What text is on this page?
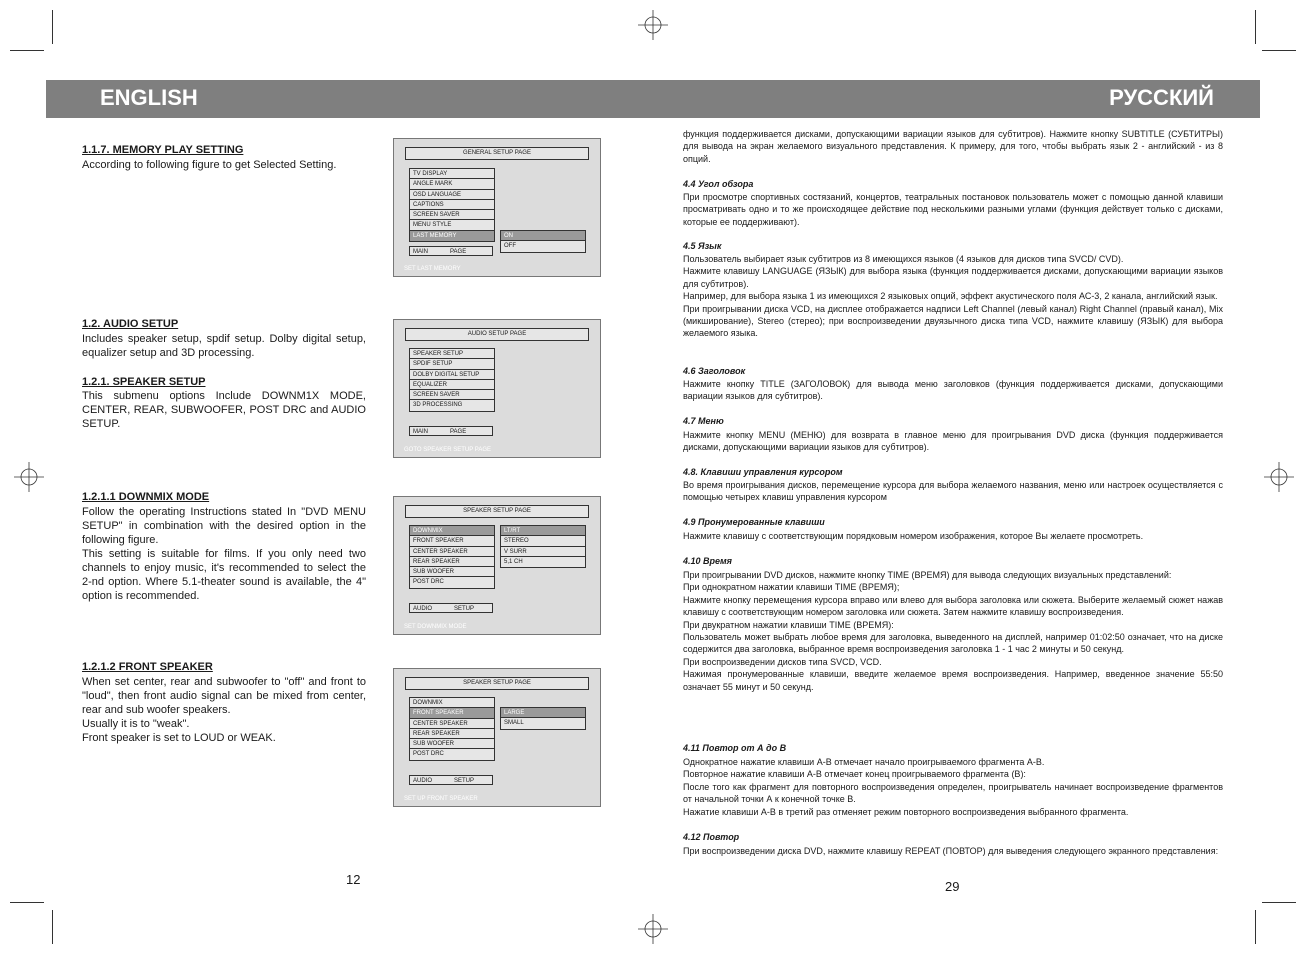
ENGLISH	РУССКИЙ
1.1.7. MEMORY PLAY SETTING

According to following figure to get Selected Setting.

GENERAL SETUP PAGE
TV DISPLAY
ANGLE MARK
OSD LANGUAGE
CAPTIONS
SCREEN SAVER
MENU STYLE
LAST MEMORY	ON
OFF
MAIN	PAGE
SET LAST MEMORY
1.2. AUDIO SETUP

Includes speaker setup, spdif setup. Dolby digital setup, equalizer setup and 3D processing.

1.2.1. SPEAKER SETUP

This submenu options Include DOWNM1X MODE, CENTER, REAR, SUBWOOFER, POST DRC and AUDIO SETUP.

AUDIO SETUP PAGE
SPEAKER SETUP
SPDIF SETUP
DOLBY DIGITAL SETUP
EQUALIZER
SCREEN SAVER
3D PROCESSING
MAIN	PAGE
GOTO SPEAKER SETUP PAGE
1.2.1.1 DOWNMIX MODE

Follow the operating Instructions stated In "DVD MENU SETUP" in combination with the desired option in the following figure.
This setting is suitable for films. If you only need two channels to enjoy music, it's recommended to select the 2-nd option. Where 5.1-theater sound is available, the 4" option is recommended.

SPEAKER SETUP PAGE
DOWNMIX
FRONT SPEAKER
CENTER SPEAKER
REAR SPEAKER
SUB WOOFER
POST DRC
LT/RT
STEREO
V SURR
5,1 CH
AUDIO	SETUP
SET DOWNMIX MODE
1.2.1.2 FRONT SPEAKER

When set center, rear and subwoofer to "off" and front to "loud", then front audio signal can be mixed from center, rear and sub woofer speakers.
Usually it is to "weak".
Front speaker is set to LOUD or WEAK.

SPEAKER SETUP PAGE
DOWNMIX
FRONT SPEAKER
CENTER SPEAKER
REAR SPEAKER
SUB WOOFER
POST DRC
LARGE
SMALL
AUDIO	SETUP
SET UP FRONT SPEAKER
12

функция поддерживается дисками, допускающими вариации языков для субтитров). Нажмите кнопку SUBTITLE (СУБТИТРЫ) для вывода на экран желаемого визуального представления. К примеру, для того, чтобы выбрать язык 2 - английский - из 8 опций.

4.4 Угол обзора

При просмотре спортивных состязаний, концертов, театральных постановок пользователь может с помощью данной клавиши просматривать одно и то же происходящее действие под несколькими разными углами (функция действует только с дисками, которые ее поддерживают).

4.5 Язык

Пользователь выбирает язык субтитров из 8 имеющихся языков (4 языков для дисков типа SVCD/ CVD).
Нажмите клавишу LANGUAGE (ЯЗЫК) для выбора языка (функция поддерживается дисками, допускающими вариации языков для субтитров).
Например, для выбора языка 1 из имеющихся 2 языковых опций, эффект акустического поля АС-3, 2 канала, английский язык.
При проигрывании диска VCD, на дисплее отображается надписи Left Channel (левый канал) Right Channel (правый канал), Mix (микширование), Stereo (стерео); при воспроизведении двуязычного диска типа VCD, нажмите клавишу (ЯЗЫК) для выбора желаемого языка.

4.6 Заголовок

Нажмите кнопку TITLE (ЗАГОЛОВОК) для вывода меню заголовков (функция поддерживается дисками, допускающими вариации языков для субтитров).

4.7 Меню

Нажмите кнопку MENU (МЕНЮ) для возврата в главное меню для проигрывания DVD диска (функция поддерживается дисками, допускающими вариации языков для субтитров).

4.8. Клавиши управления курсором

Во время проигрывания дисков, перемещение курсора для выбора желаемого названия, меню или настроек осуществляется с помощью четырех клавиш управления курсором

4.9 Пронумерованные клавиши

Нажмите клавишу с соответствующим порядковым номером изображения, которое Вы желаете просмотреть.

4.10 Время

При проигрывании DVD дисков, нажмите кнопку TIME (ВРЕМЯ) для вывода следующих визуальных представлений:
При однократном нажатии клавиши TIME (ВРЕМЯ);
Нажмите кнопку перемещения курсора вправо или влево для выбора заголовка или сюжета. Выберите желаемый сюжет нажав клавишу с соответствующим номером заголовка или сюжета. Затем нажмите клавишу воспроизведения.
При двукратном нажатии клавиши TIME (ВРЕМЯ):
Пользователь может выбрать любое время для заголовка, выведенного на дисплей, например 01:02:50 означает, что на диске содержится два заголовка, выбранное время воспроизведения заголовка 1 - 1 час 2 минуты и 50 секунд.
При воспроизведении дисков типа SVCD, VCD.
Нажимая пронумерованные клавиши, введите желаемое время воспроизведения. Например, введенное значение 55:50 означает 55 минут и 50 секунд.

4.11 Повтор от А до В

Однократное нажатие клавиши А-В отмечает начало проигрываемого фрагмента А-В.
Повторное нажатие клавиши А-В отмечает конец проигрываемого фрагмента (В):
После того как фрагмент для повторного воспроизведения определен, проигрыватель начинает воспроизведение фрагментов от начальной точки А к конечной точке В.
Нажатие клавиши А-В в третий раз отменяет режим повторного воспроизведения выбранного фрагмента.

4.12 Повтор

При воспроизведении диска DVD, нажмите клавишу REPEAT (ПОВТОР) для выведения следующего экранного представления:

29
